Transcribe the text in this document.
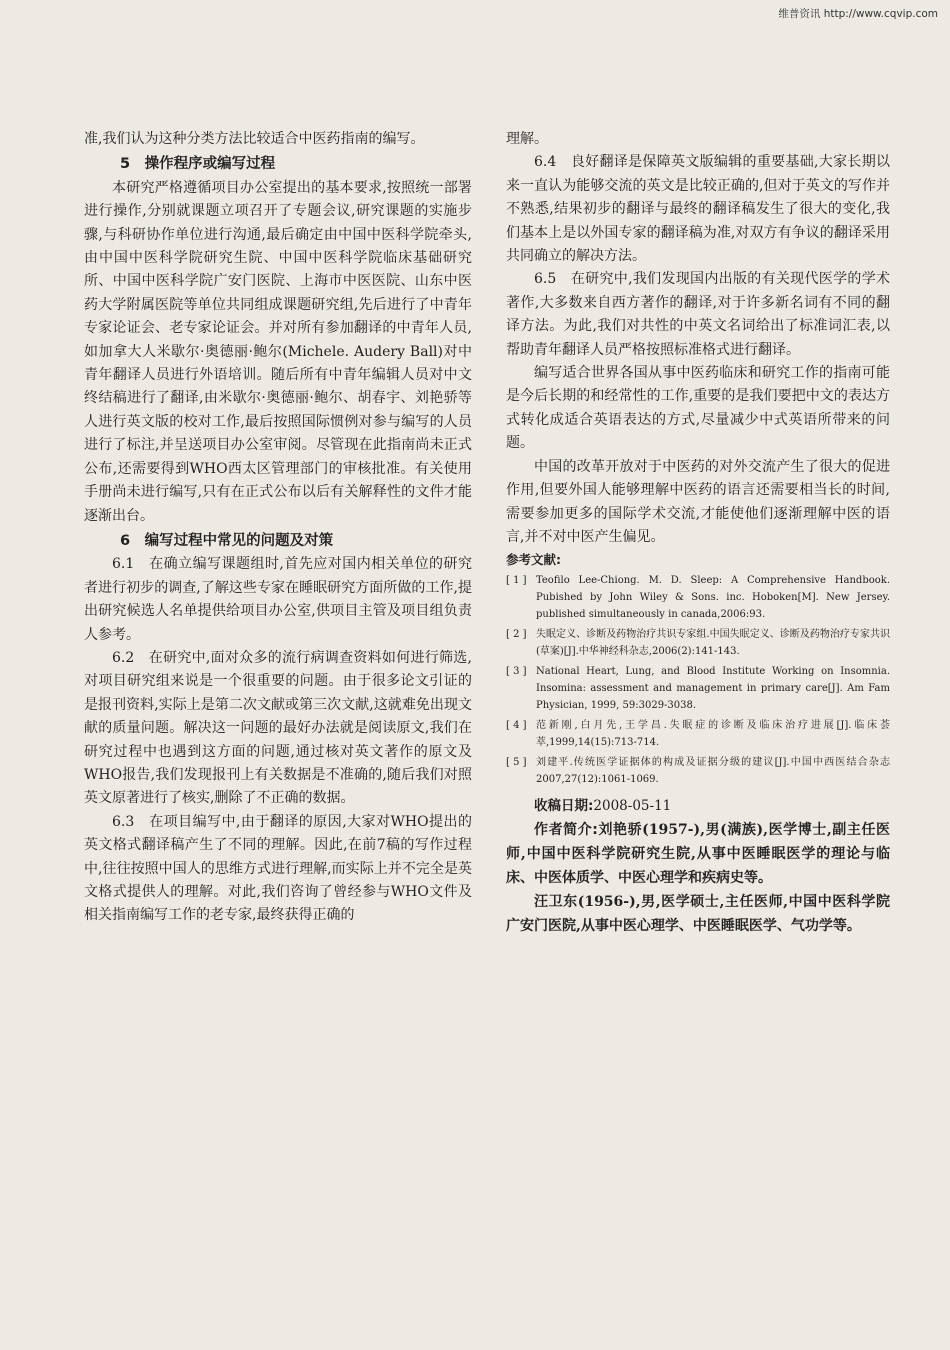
维普资讯 http://www.cqvip.com

准,我们认为这种分类方法比较适合中医药指南的编写。

5　操作程序或编写过程

本研究严格遵循项目办公室提出的基本要求,按照统一部署进行操作,分别就课题立项召开了专题会议,研究课题的实施步骤,与科研协作单位进行沟通,最后确定由中国中医科学院牵头,由中国中医科学院研究生院、中国中医科学院临床基础研究所、中国中医科学院广安门医院、上海市中医医院、山东中医药大学附属医院等单位共同组成课题研究组,先后进行了中青年专家论证会、老专家论证会。并对所有参加翻译的中青年人员,如加拿大人米歇尔·奥德丽·鲍尔(Michele. Audery Ball)对中青年翻译人员进行外语培训。随后所有中青年编辑人员对中文终结稿进行了翻译,由米歇尔·奥德丽·鲍尔、胡春宇、刘艳骄等人进行英文版的校对工作,最后按照国际惯例对参与编写的人员进行了标注,并呈送项目办公室审阅。尽管现在此指南尚未正式公布,还需要得到WHO西太区管理部门的审核批准。有关使用手册尚未进行编写,只有在正式公布以后有关解释性的文件才能逐渐出台。

6　编写过程中常见的问题及对策

6.1　在确立编写课题组时,首先应对国内相关单位的研究者进行初步的调查,了解这些专家在睡眠研究方面所做的工作,提出研究候选人名单提供给项目办公室,供项目主管及项目组负责人参考。

6.2　在研究中,面对众多的流行病调查资料如何进行筛选,对项目研究组来说是一个很重要的问题。由于很多论文引证的是报刊资料,实际上是第二次文献或第三次文献,这就难免出现文献的质量问题。解决这一问题的最好办法就是阅读原文,我们在研究过程中也遇到这方面的问题,通过核对英文著作的原文及WHO报告,我们发现报刊上有关数据是不准确的,随后我们对照英文原著进行了核实,删除了不正确的数据。

6.3　在项目编写中,由于翻译的原因,大家对WHO提出的英文格式翻译稿产生了不同的理解。因此,在前7稿的写作过程中,往往按照中国人的思维方式进行理解,而实际上并不完全是英文格式提供人的理解。对此,我们咨询了曾经参与WHO文件及相关指南编写工作的老专家,最终获得正确的

理解。

6.4　良好翻译是保障英文版编辑的重要基础,大家长期以来一直认为能够交流的英文是比较正确的,但对于英文的写作并不熟悉,结果初步的翻译与最终的翻译稿发生了很大的变化,我们基本上是以外国专家的翻译稿为准,对双方有争议的翻译采用共同确立的解决方法。

6.5　在研究中,我们发现国内出版的有关现代医学的学术著作,大多数来自西方著作的翻译,对于许多新名词有不同的翻译方法。为此,我们对共性的中英文名词给出了标准词汇表,以帮助青年翻译人员严格按照标准格式进行翻译。

编写适合世界各国从事中医药临床和研究工作的指南可能是今后长期的和经常性的工作,重要的是我们要把中文的表达方式转化成适合英语表达的方式,尽量减少中式英语所带来的问题。

中国的改革开放对于中医药的对外交流产生了很大的促进作用,但要外国人能够理解中医药的语言还需要相当长的时间,需要参加更多的国际学术交流,才能使他们逐渐理解中医的语言,并不对中医产生偏见。

参考文献:
[ 1 ] Teofilo Lee-Chiong. M. D. Sleep: A Comprehensive Handbook. Pubished by John Wiley & Sons. inc. Hoboken[M]. New Jersey. published simultaneously in canada,2006:93.
[ 2 ] 失眠定义、诊断及药物治疗共识专家组.中国失眠定义、诊断及药物治疗专家共识(草案)[J].中华神经科杂志,2006(2):141-143.
[ 3 ] National Heart, Lung, and Blood Institute Working on Insomnia. Insomina: assessment and management in primary care[J]. Am Fam Physician, 1999, 59:3029-3038.
[ 4 ] 范新刚,白月先,王学昌.失眠症的诊断及临床治疗进展[J].临床荟萃,1999,14(15):713-714.
[ 5 ] 刘建平.传统医学证据体的构成及证据分级的建议[J].中国中西医结合杂志 2007,27(12):1061-1069.
收稿日期:2008-05-11

作者简介:刘艳骄(1957-),男(满族),医学博士,副主任医师,中国中医科学院研究生院,从事中医睡眠医学的理论与临床、中医体质学、中医心理学和疾病史等。

汪卫东(1956-),男,医学硕士,主任医师,中国中医科学院广安门医院,从事中医心理学、中医睡眠医学、气功学等。
